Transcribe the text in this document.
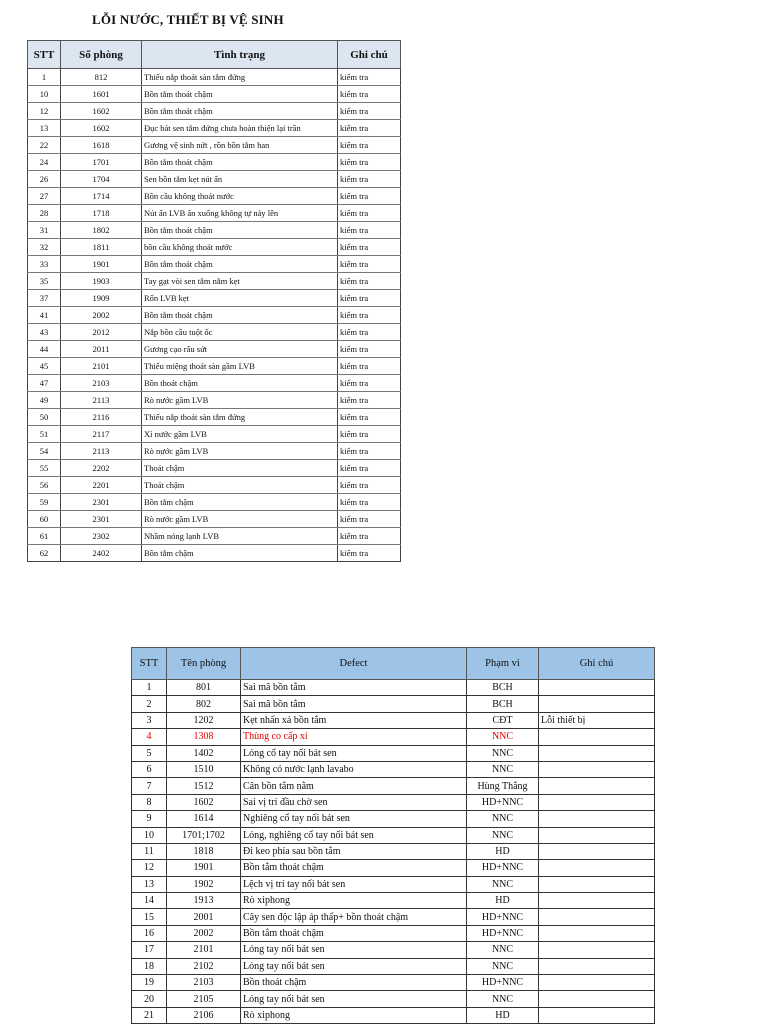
LỖI NƯỚC, THIẾT BỊ VỆ SINH
STT	Số phòng	Tình trạng	Ghi chú
1	812	Thiếu nắp thoát sàn tắm đứng	kiểm tra
10	1601	Bồn tắm thoát chậm	kiểm tra
12	1602	Bồn tắm thoát chậm	kiểm tra
13	1602	Đục bát sen tắm đứng chưa hoàn thiện lại trần	kiểm tra
22	1618	Gương vệ sinh nứt , rồn bồn tắm han	kiểm tra
24	1701	Bồn tắm thoát chậm	kiểm tra
26	1704	Sen bồn tắm kẹt nút ấn	kiểm tra
27	1714	Bồn cầu không thoát nước	kiểm tra
28	1718	Nút ấn LVB ấn xuống không tự nảy lên	kiểm tra
31	1802	Bồn tắm thoát chậm	kiểm tra
32	1811	bồn cầu không thoát nước	kiểm tra
33	1901	Bồn tắm thoát chậm	kiểm tra
35	1903	Tay gạt vòi sen tắm nằm kẹt	kiểm tra
37	1909	Rốn LVB kẹt	kiểm tra
41	2002	Bồn tắm thoát chậm	kiểm tra
43	2012	Nắp bồn cầu tuột ốc	kiểm tra
44	2011	Gương cạo râu sứt	kiểm tra
45	2101	Thiếu miệng thoát sàn gầm LVB	kiểm tra
47	2103	Bồn thoát chậm	kiểm tra
49	2113	Rò nước gầm LVB	kiểm tra
50	2116	Thiếu nắp thoát sàn tắm đứng	kiểm tra
51	2117	Xì nước gầm LVB	kiểm tra
54	2113	Rò nước gầm LVB	kiểm tra
55	2202	Thoát chậm	kiểm tra
56	2201	Thoát chậm	kiểm tra
59	2301	Bồn tắm chậm	kiểm tra
60	2301	Rò nước gầm LVB	kiểm tra
61	2302	Nhầm nóng lạnh LVB	kiểm tra
62	2402	Bồn tắm chậm	kiểm tra
STT	Tên phòng	Defect	Phạm vi	Ghi chú
1	801	Sai mã bồn tắm	BCH	
2	802	Sai mã bồn tắm	BCH	
3	1202	Kẹt nhấn xả bồn tắm	CĐT	Lỗi thiết bị
4	1308	Thùng co cấp xí	NNC	
5	1402	Lỏng cổ tay nối bát sen	NNC	
6	1510	Không có nước lạnh lavabo	NNC	
7	1512	Cân bồn tắm nằm	Hùng Thắng	
8	1602	Sai vị trí đầu chờ sen	HD+NNC	
9	1614	Nghiêng cổ tay nối bát sen	NNC	
10	1701;1702	Lỏng, nghiêng cổ tay nối bát sen	NNC	
11	1818	Đi keo phía sau bồn tắm	HD	
12	1901	Bồn tắm thoát chậm	HD+NNC	
13	1902	Lệch vị trí tay nối bát sen	NNC	
14	1913	Rò xiphong	HD	
15	2001	Cây sen độc lập áp thấp+ bồn thoát chậm	HD+NNC	
16	2002	Bồn tắm thoát chậm	HD+NNC	
17	2101	Lỏng tay nối bát sen	NNC	
18	2102	Lỏng tay nối bát sen	NNC	
19	2103	Bồn thoát chậm	HD+NNC	
20	2105	Lỏng tay nối bát sen	NNC	
21	2106	Rò xiphong	HD	
